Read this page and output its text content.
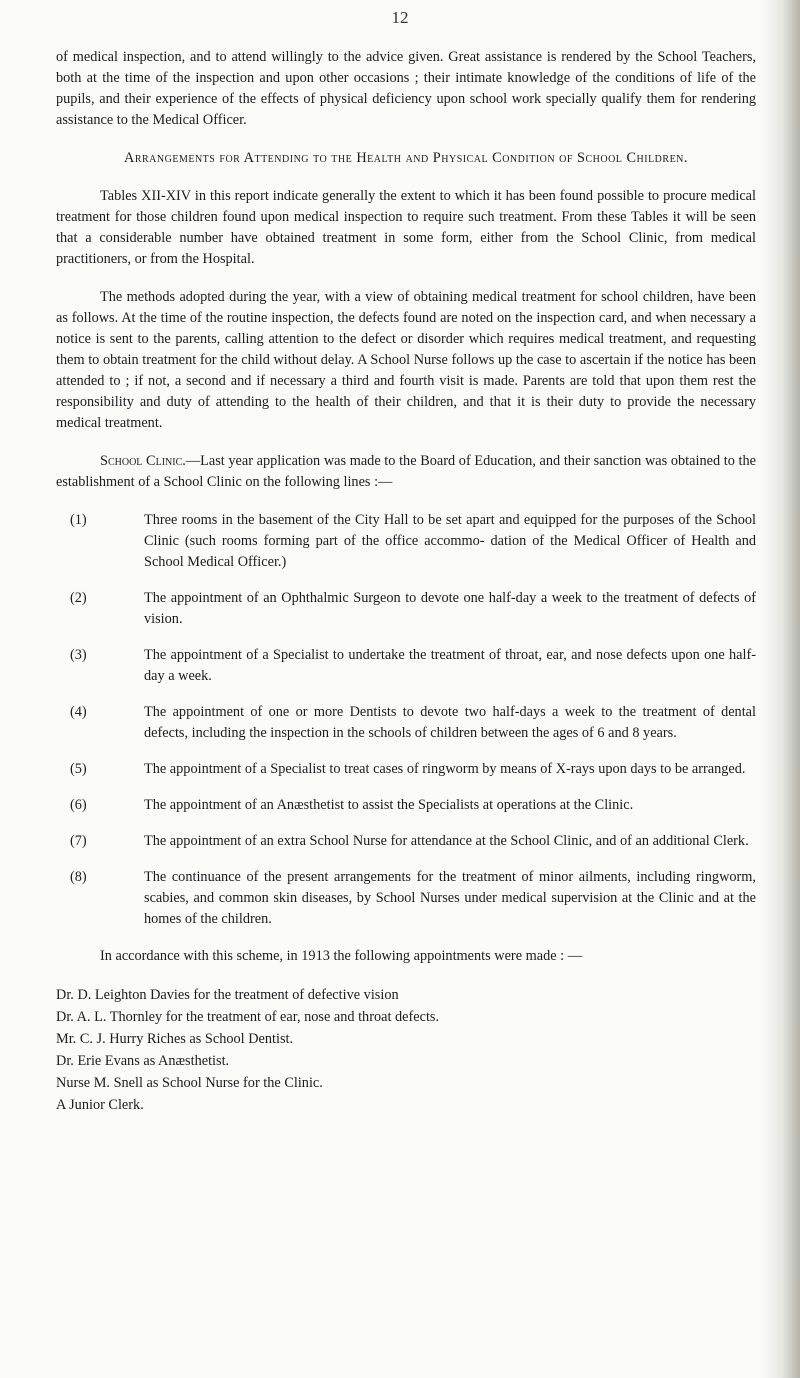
12

of medical inspection, and to attend willingly to the advice given. Great assistance is rendered by the School Teachers, both at the time of the inspection and upon other occasions ; their intimate knowledge of the conditions of life of the pupils, and their experience of the effects of physical deficiency upon school work specially qualify them for rendering assistance to the Medical Officer.

Arrangements for Attending to the Health and Physical Condition of School Children.

Tables XII-XIV in this report indicate generally the extent to which it has been found possible to procure medical treatment for those children found upon medical inspection to require such treatment. From these Tables it will be seen that a considerable number have obtained treatment in some form, either from the School Clinic, from medical practitioners, or from the Hospital.

The methods adopted during the year, with a view of obtaining medical treatment for school children, have been as follows. At the time of the routine inspection, the defects found are noted on the inspection card, and when necessary a notice is sent to the parents, calling attention to the defect or disorder which requires medical treatment, and requesting them to obtain treatment for the child without delay. A School Nurse follows up the case to ascertain if the notice has been attended to ; if not, a second and if necessary a third and fourth visit is made. Parents are told that upon them rest the responsibility and duty of attending to the health of their children, and that it is their duty to provide the necessary medical treatment.

School Clinic.—Last year application was made to the Board of Education, and their sanction was obtained to the establishment of a School Clinic on the following lines :—

(1)	Three rooms in the basement of the City Hall to be set apart and equipped for the purposes of the School Clinic (such rooms forming part of the office accommo- dation of the Medical Officer of Health and School Medical Officer.)
(2)	The appointment of an Ophthalmic Surgeon to devote one half-day a week to the treatment of defects of vision.
(3)	The appointment of a Specialist to undertake the treatment of throat, ear, and nose defects upon one half-day a week.
(4)	The appointment of one or more Dentists to devote two half-days a week to the treatment of dental defects, including the inspection in the schools of children between the ages of 6 and 8 years.
(5)	The appointment of a Specialist to treat cases of ringworm by means of X-rays upon days to be arranged.
(6)	The appointment of an Anæsthetist to assist the Specialists at operations at the Clinic.
(7)	The appointment of an extra School Nurse for attendance at the School Clinic, and of an additional Clerk.
(8)	The continuance of the present arrangements for the treatment of minor ailments, including ringworm, scabies, and common skin diseases, by School Nurses under medical supervision at the Clinic and at the homes of the children.

In accordance with this scheme, in 1913 the following appointments were made : —

Dr. D. Leighton Davies for the treatment of defective vision
Dr. A. L. Thornley for the treatment of ear, nose and throat defects.
Mr. C. J. Hurry Riches as School Dentist.
Dr. Erie Evans as Anæsthetist.
Nurse M. Snell as School Nurse for the Clinic.
A Junior Clerk.
